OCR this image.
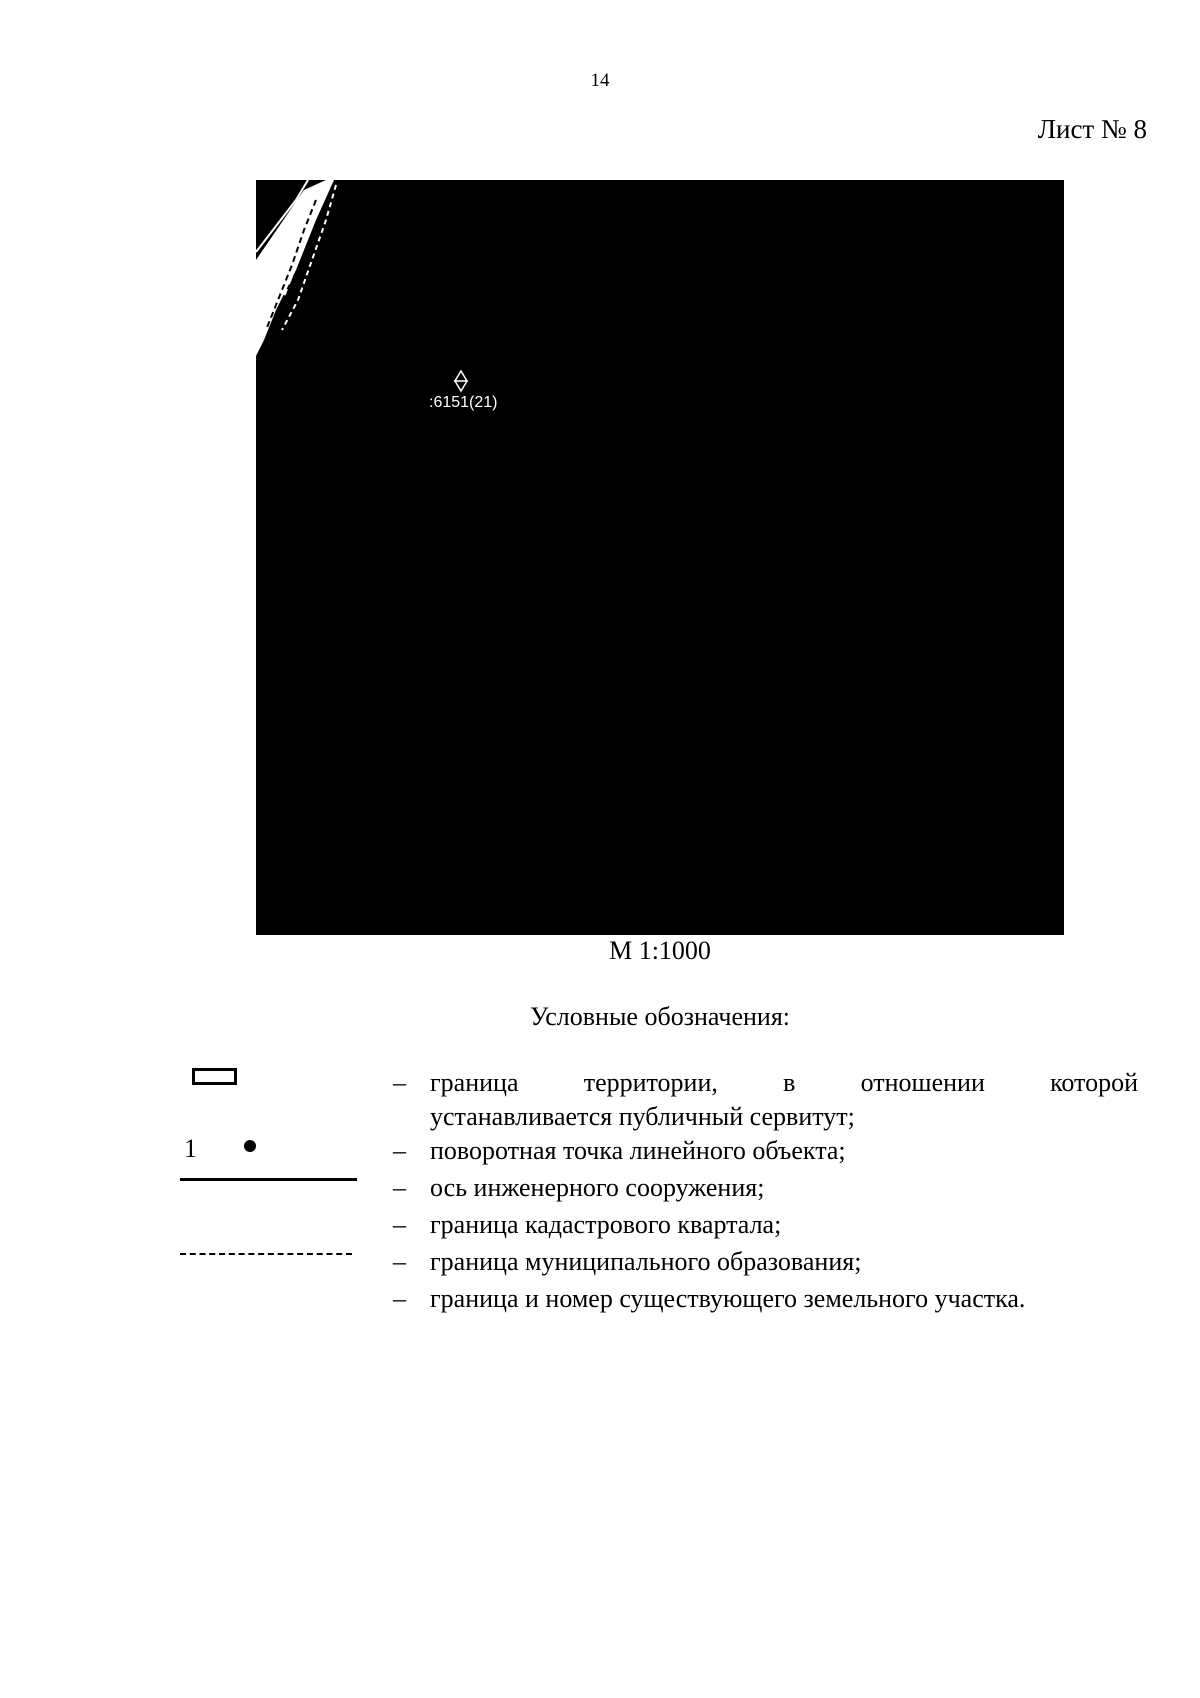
14
Лист № 8
:6151(21)
М 1:1000
Условные обозначения:
1
– граница территории, в отношении которой
устанавливается публичный сервитут;
– поворотная точка линейного объекта;
– ось инженерного сооружения;
– граница кадастрового квартала;
– граница муниципального образования;
– граница и номер существующего земельного участка.
